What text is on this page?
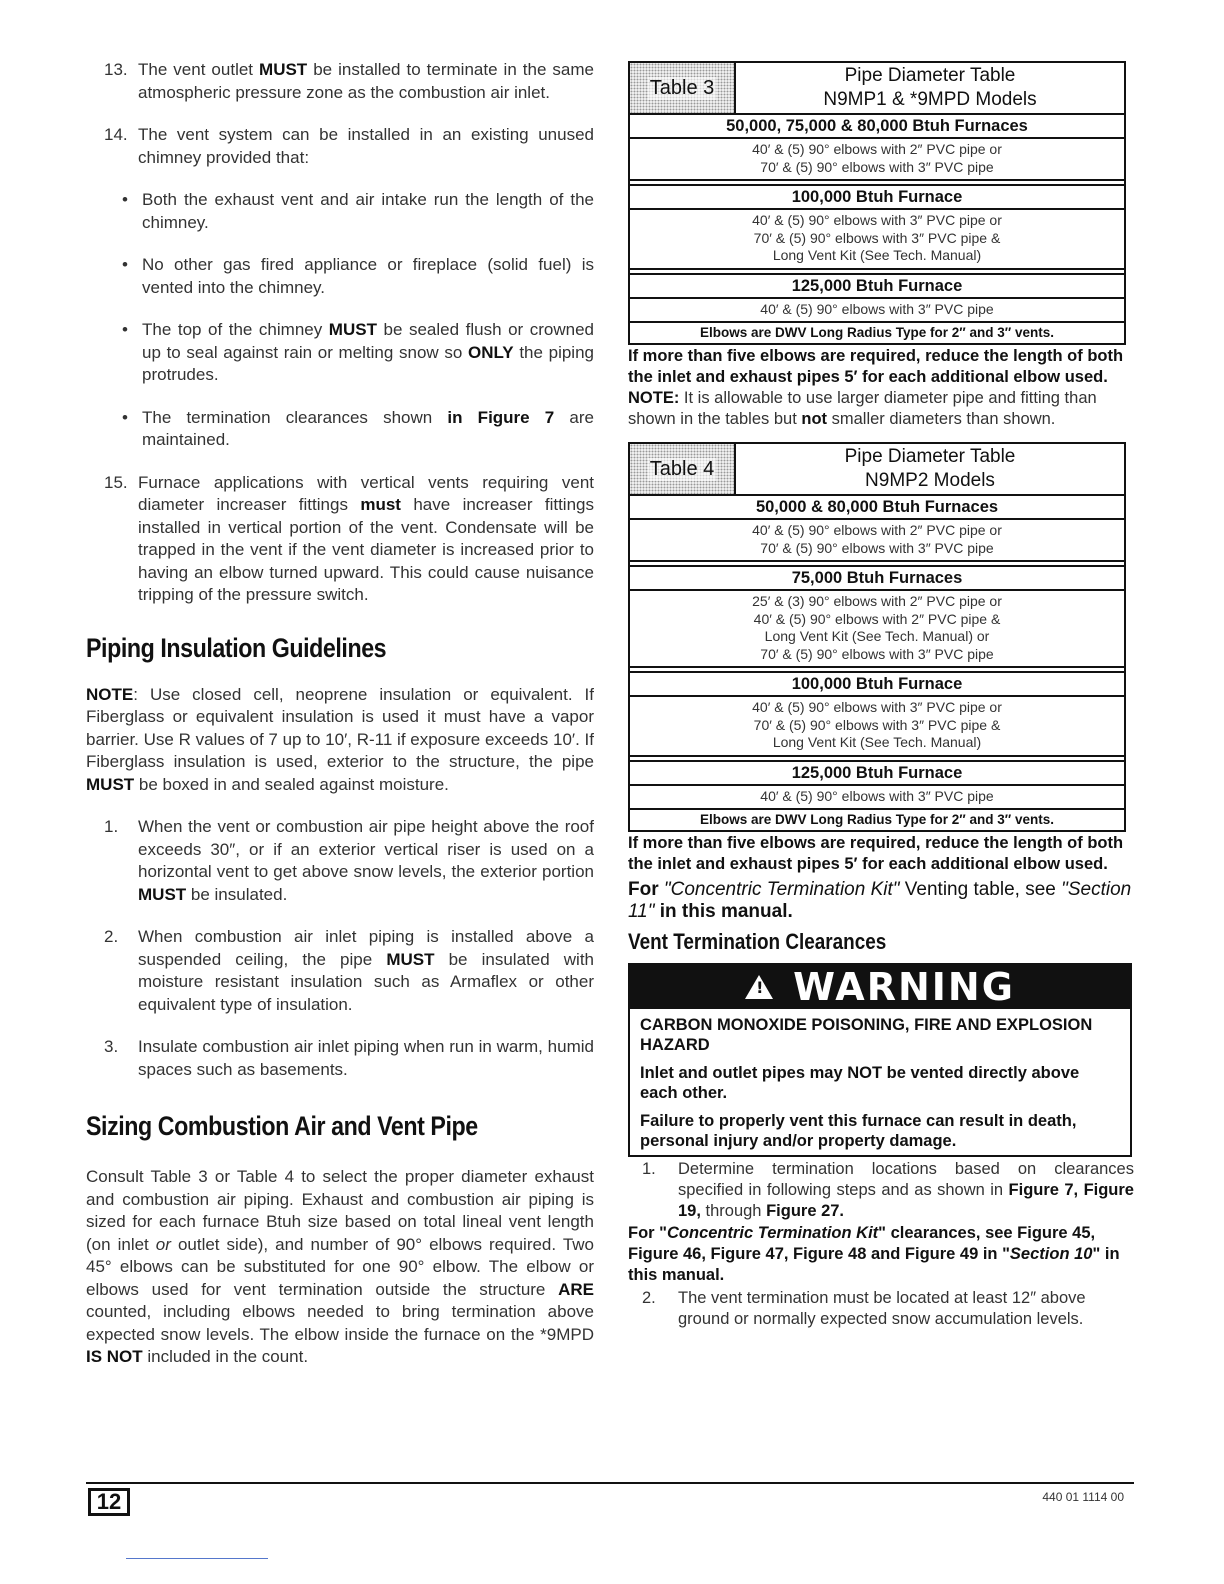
13. The vent outlet MUST be installed to terminate in the same atmospheric pressure zone as the combustion air inlet.

14. The vent system can be installed in an existing unused chimney provided that:

• Both the exhaust vent and air intake run the length of the chimney.

• No other gas fired appliance or fireplace (solid fuel) is vented into the chimney.

• The top of the chimney MUST be sealed flush or crowned up to seal against rain or melting snow so ONLY the piping protrudes.

• The termination clearances shown in Figure 7 are maintained.

15. Furnace applications with vertical vents requiring vent diameter increaser fittings must have increaser fittings installed in vertical portion of the vent. Condensate will be trapped in the vent if the vent diameter is increased prior to having an elbow turned upward. This could cause nuisance tripping of the pressure switch.

Piping Insulation Guidelines

NOTE: Use closed cell, neoprene insulation or equivalent. If Fiberglass or equivalent insulation is used it must have a vapor barrier. Use R values of 7 up to 10′, R-11 if exposure exceeds 10′. If Fiberglass insulation is used, exterior to the structure, the pipe MUST be boxed in and sealed against moisture.

1. When the vent or combustion air pipe height above the roof exceeds 30″, or if an exterior vertical riser is used on a horizontal vent to get above snow levels, the exterior portion MUST be insulated.

2. When combustion air inlet piping is installed above a suspended ceiling, the pipe MUST be insulated with moisture resistant insulation such as Armaflex or other equivalent type of insulation.

3. Insulate combustion air inlet piping when run in warm, humid spaces such as basements.

Sizing Combustion Air and Vent Pipe

Consult Table 3 or Table 4 to select the proper diameter exhaust and combustion air piping. Exhaust and combustion air piping is sized for each furnace Btuh size based on total lineal vent length (on inlet or outlet side), and number of 90° elbows required. Two 45° elbows can be substituted for one 90° elbow. The elbow or elbows used for vent termination outside the structure ARE counted, including elbows needed to bring termination above expected snow levels. The elbow inside the furnace on the *9MPD IS NOT included in the count.

Table 3
Pipe Diameter Table
N9MP1 & *9MPD Models
50,000, 75,000 & 80,000 Btuh Furnaces
40′ & (5) 90° elbows with 2″ PVC pipe or
70′ & (5) 90° elbows with 3″ PVC pipe
100,000 Btuh Furnace
40′ & (5) 90° elbows with 3″ PVC pipe or
70′ & (5) 90° elbows with 3″ PVC pipe &
Long Vent Kit (See Tech. Manual)
125,000 Btuh Furnace
40′ & (5) 90° elbows with 3″ PVC pipe
Elbows are DWV Long Radius Type for 2″ and 3″ vents.

If more than five elbows are required, reduce the length of both the inlet and exhaust pipes 5′ for each additional elbow used.

NOTE: It is allowable to use larger diameter pipe and fitting than shown in the tables but not smaller diameters than shown.

Table 4
Pipe Diameter Table
N9MP2 Models
50,000 & 80,000 Btuh Furnaces
40′ & (5) 90° elbows with 2″ PVC pipe or
70′ & (5) 90° elbows with 3″ PVC pipe
75,000 Btuh Furnaces
25′ & (3) 90° elbows with 2″ PVC pipe or
40′ & (5) 90° elbows with 2″ PVC pipe &
Long Vent Kit (See Tech. Manual) or
70′ & (5) 90° elbows with 3″ PVC pipe
100,000 Btuh Furnace
40′ & (5) 90° elbows with 3″ PVC pipe or
70′ & (5) 90° elbows with 3″ PVC pipe &
Long Vent Kit (See Tech. Manual)
125,000 Btuh Furnace
40′ & (5) 90° elbows with 3″ PVC pipe
Elbows are DWV Long Radius Type for 2″ and 3″ vents.

If more than five elbows are required, reduce the length of both the inlet and exhaust pipes 5′ for each additional elbow used.

For "Concentric Termination Kit" Venting table, see "Section 11" in this manual.

Vent Termination Clearances
!
WARNING

CARBON MONOXIDE POISONING, FIRE AND EXPLOSION HAZARD

Inlet and outlet pipes may NOT be vented directly above each other.

Failure to properly vent this furnace can result in death, personal injury and/or property damage.

1. Determine termination locations based on clearances specified in following steps and as shown in Figure 7, Figure 19, through Figure 27.

For "Concentric Termination Kit" clearances, see Figure 45, Figure 46, Figure 47, Figure 48 and Figure 49 in "Section 10" in this manual.

2. The vent termination must be located at least 12″ above ground or normally expected snow accumulation levels.

12	440 01 1114 00
